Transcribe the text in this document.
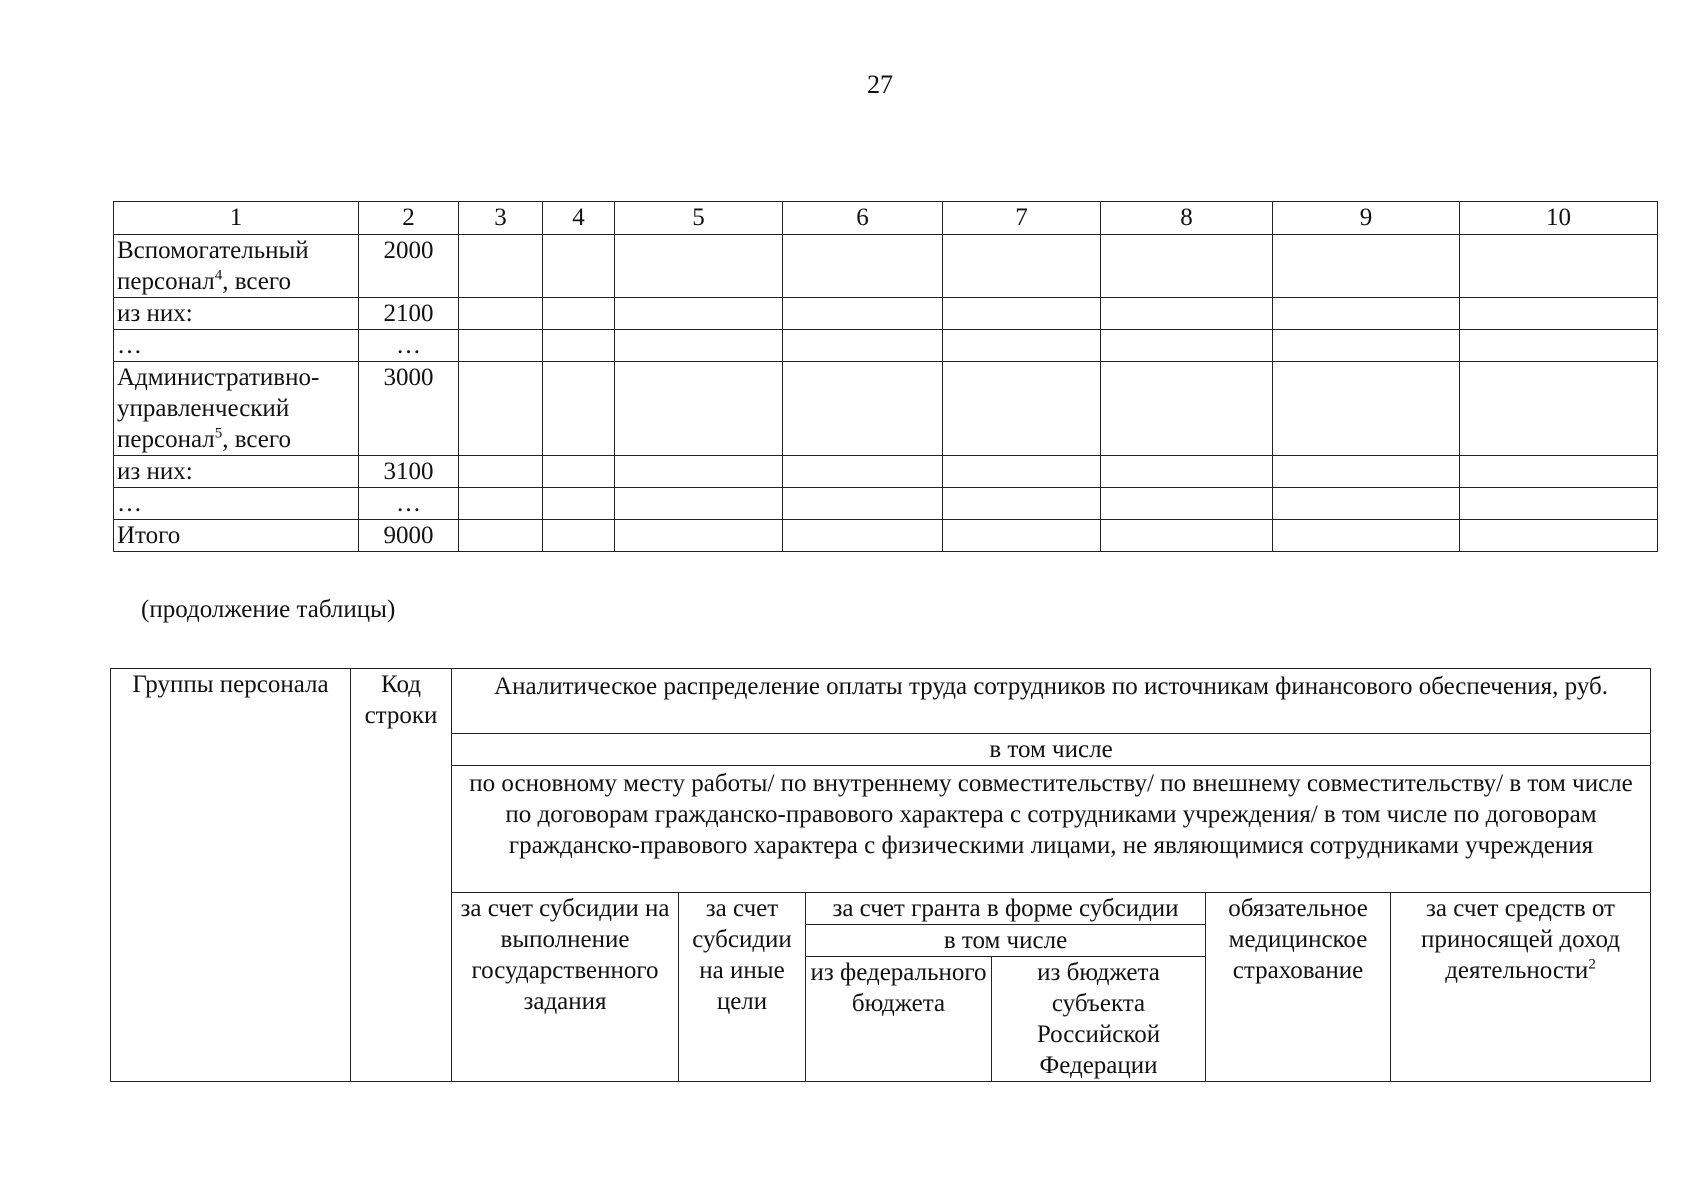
27
1	2	3	4	5	6	7	8	9	10
Вспомогательный персонал$^4$, всего	2000								
из них:	2100								
…	…								
Административно-управленческий персонал$^5$, всего	3000								
из них:	3100								
…	…								
Итого	9000								
(продолжение таблицы)
Группы персонала	Код строки	Аналитическое распределение оплаты труда сотрудников по источникам финансового обеспечения, руб.					
		в том числе					
		по основному месту работы/ по внутреннему совместительству/ по внешнему совместительству/ в том числе по договорам гражданско-правового характера с сотрудниками учреждения/ в том числе по договорам гражданско-правового характера с физическими лицами, не являющимися сотрудниками учреждения					
		за счет субсидии на выполнение государственного задания	за счет субсидии на иные цели	за счет гранта в форме субсидии		обязательное медицинское страхование	за счет средств от приносящей доход деятельности$^2$
				в том числе			
				из федерального бюджета	из бюджета субъекта Российской Федерации		
